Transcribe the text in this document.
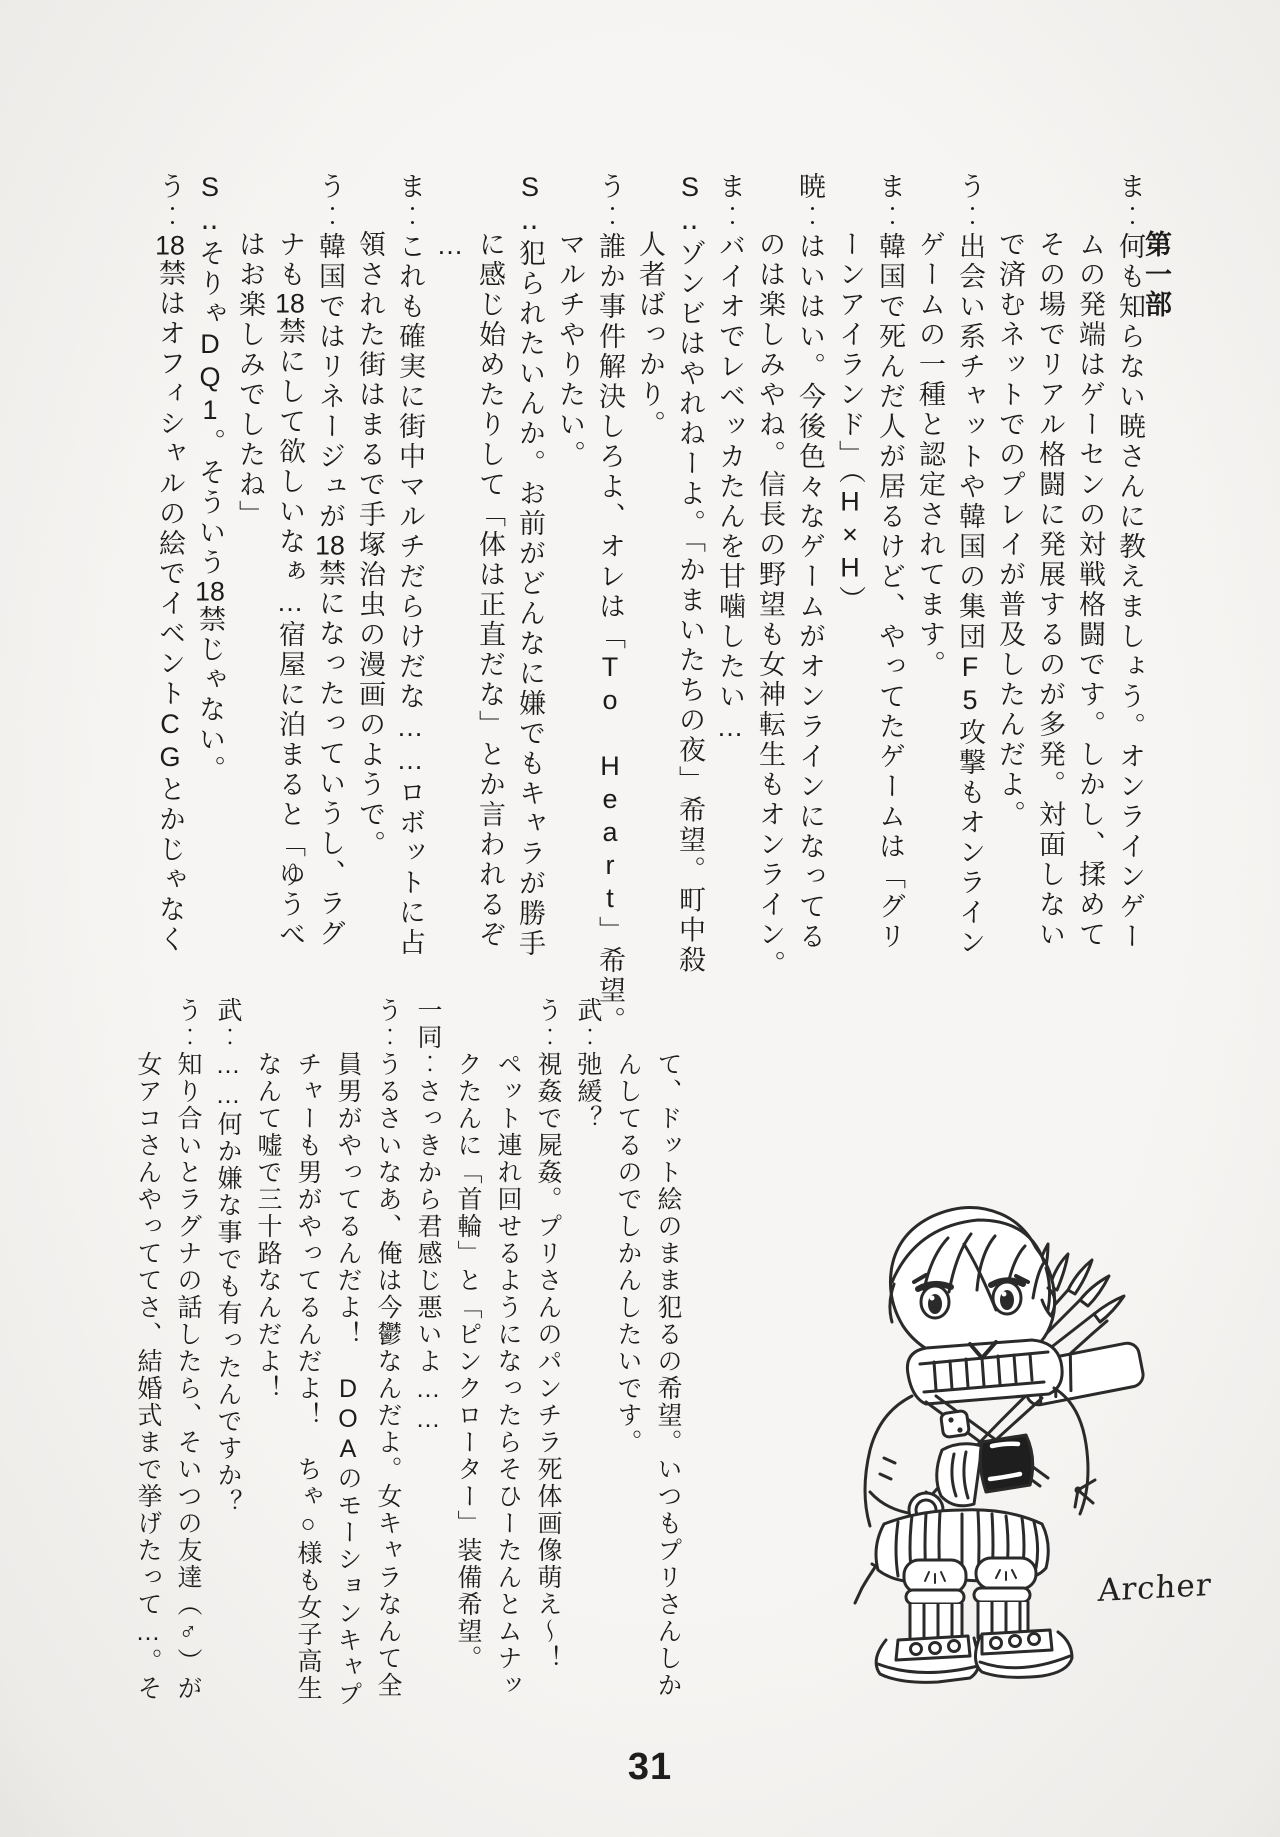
第一部
ま‥何も知らない暁さんに教えましょう。オンラインゲー
ムの発端はゲーセンの対戦格闘です。しかし、揉めて
その場でリアル格闘に発展するのが多発。対面しない
で済むネットでのプレイが普及したんだよ。
う‥出会い系チャットや韓国の集団F5攻撃もオンライン
ゲームの一種と認定されてます。
ま‥韓国で死んだ人が居るけど、やってたゲームは「グリ
ーンアイランド」（H×H）
暁‥はいはい。今後色々なゲームがオンラインになってる
のは楽しみやね。信長の野望も女神転生もオンライン。
ま‥バイオでレベッカたんを甘噛したい…
S‥ゾンビはやれねーよ。「かまいたちの夜」希望。町中殺
人者ばっかり。
う‥誰か事件解決しろよ、オレは「To Heart」希望。
マルチやりたい。
S‥犯られたいんか。お前がどんなに嫌でもキャラが勝手
に感じ始めたりして「体は正直だな」とか言われるぞ
…
ま‥これも確実に街中マルチだらけだな……ロボットに占
領された街はまるで手塚治虫の漫画のようで。
う‥韓国ではリネージュが18禁になったっていうし、ラグ
ナも18禁にして欲しいなぁ…宿屋に泊まると「ゆうべ
はお楽しみでしたね」
S‥そりゃDQ1。そういう18禁じゃない。
う‥18禁はオフィシャルの絵でイベントCGとかじゃなく
て、ドット絵のまま犯るの希望。いつもプリさんしか
んしてるのでしかんしたいです。
武‥弛緩？
う‥視姦で屍姦。プリさんのパンチラ死体画像萌え〜！
ペット連れ回せるようになったらそひーたんとムナッ
クたんに「首輪」と「ピンクローター」装備希望。
一同‥さっきから君感じ悪いよ……
う‥うるさいなあ、俺は今鬱なんだよ。女キャラなんて全
員男がやってるんだよ！　DOAのモーションキャプ
チャーも男がやってるんだよ！　ちゃ○様も女子高生
なんて嘘で三十路なんだよ！
武‥……何か嫌な事でも有ったんですか？
う‥知り合いとラグナの話したら、そいつの友達（♂）が
女アコさんやっててさ、結婚式まで挙げたって…。そ	Archer
31
